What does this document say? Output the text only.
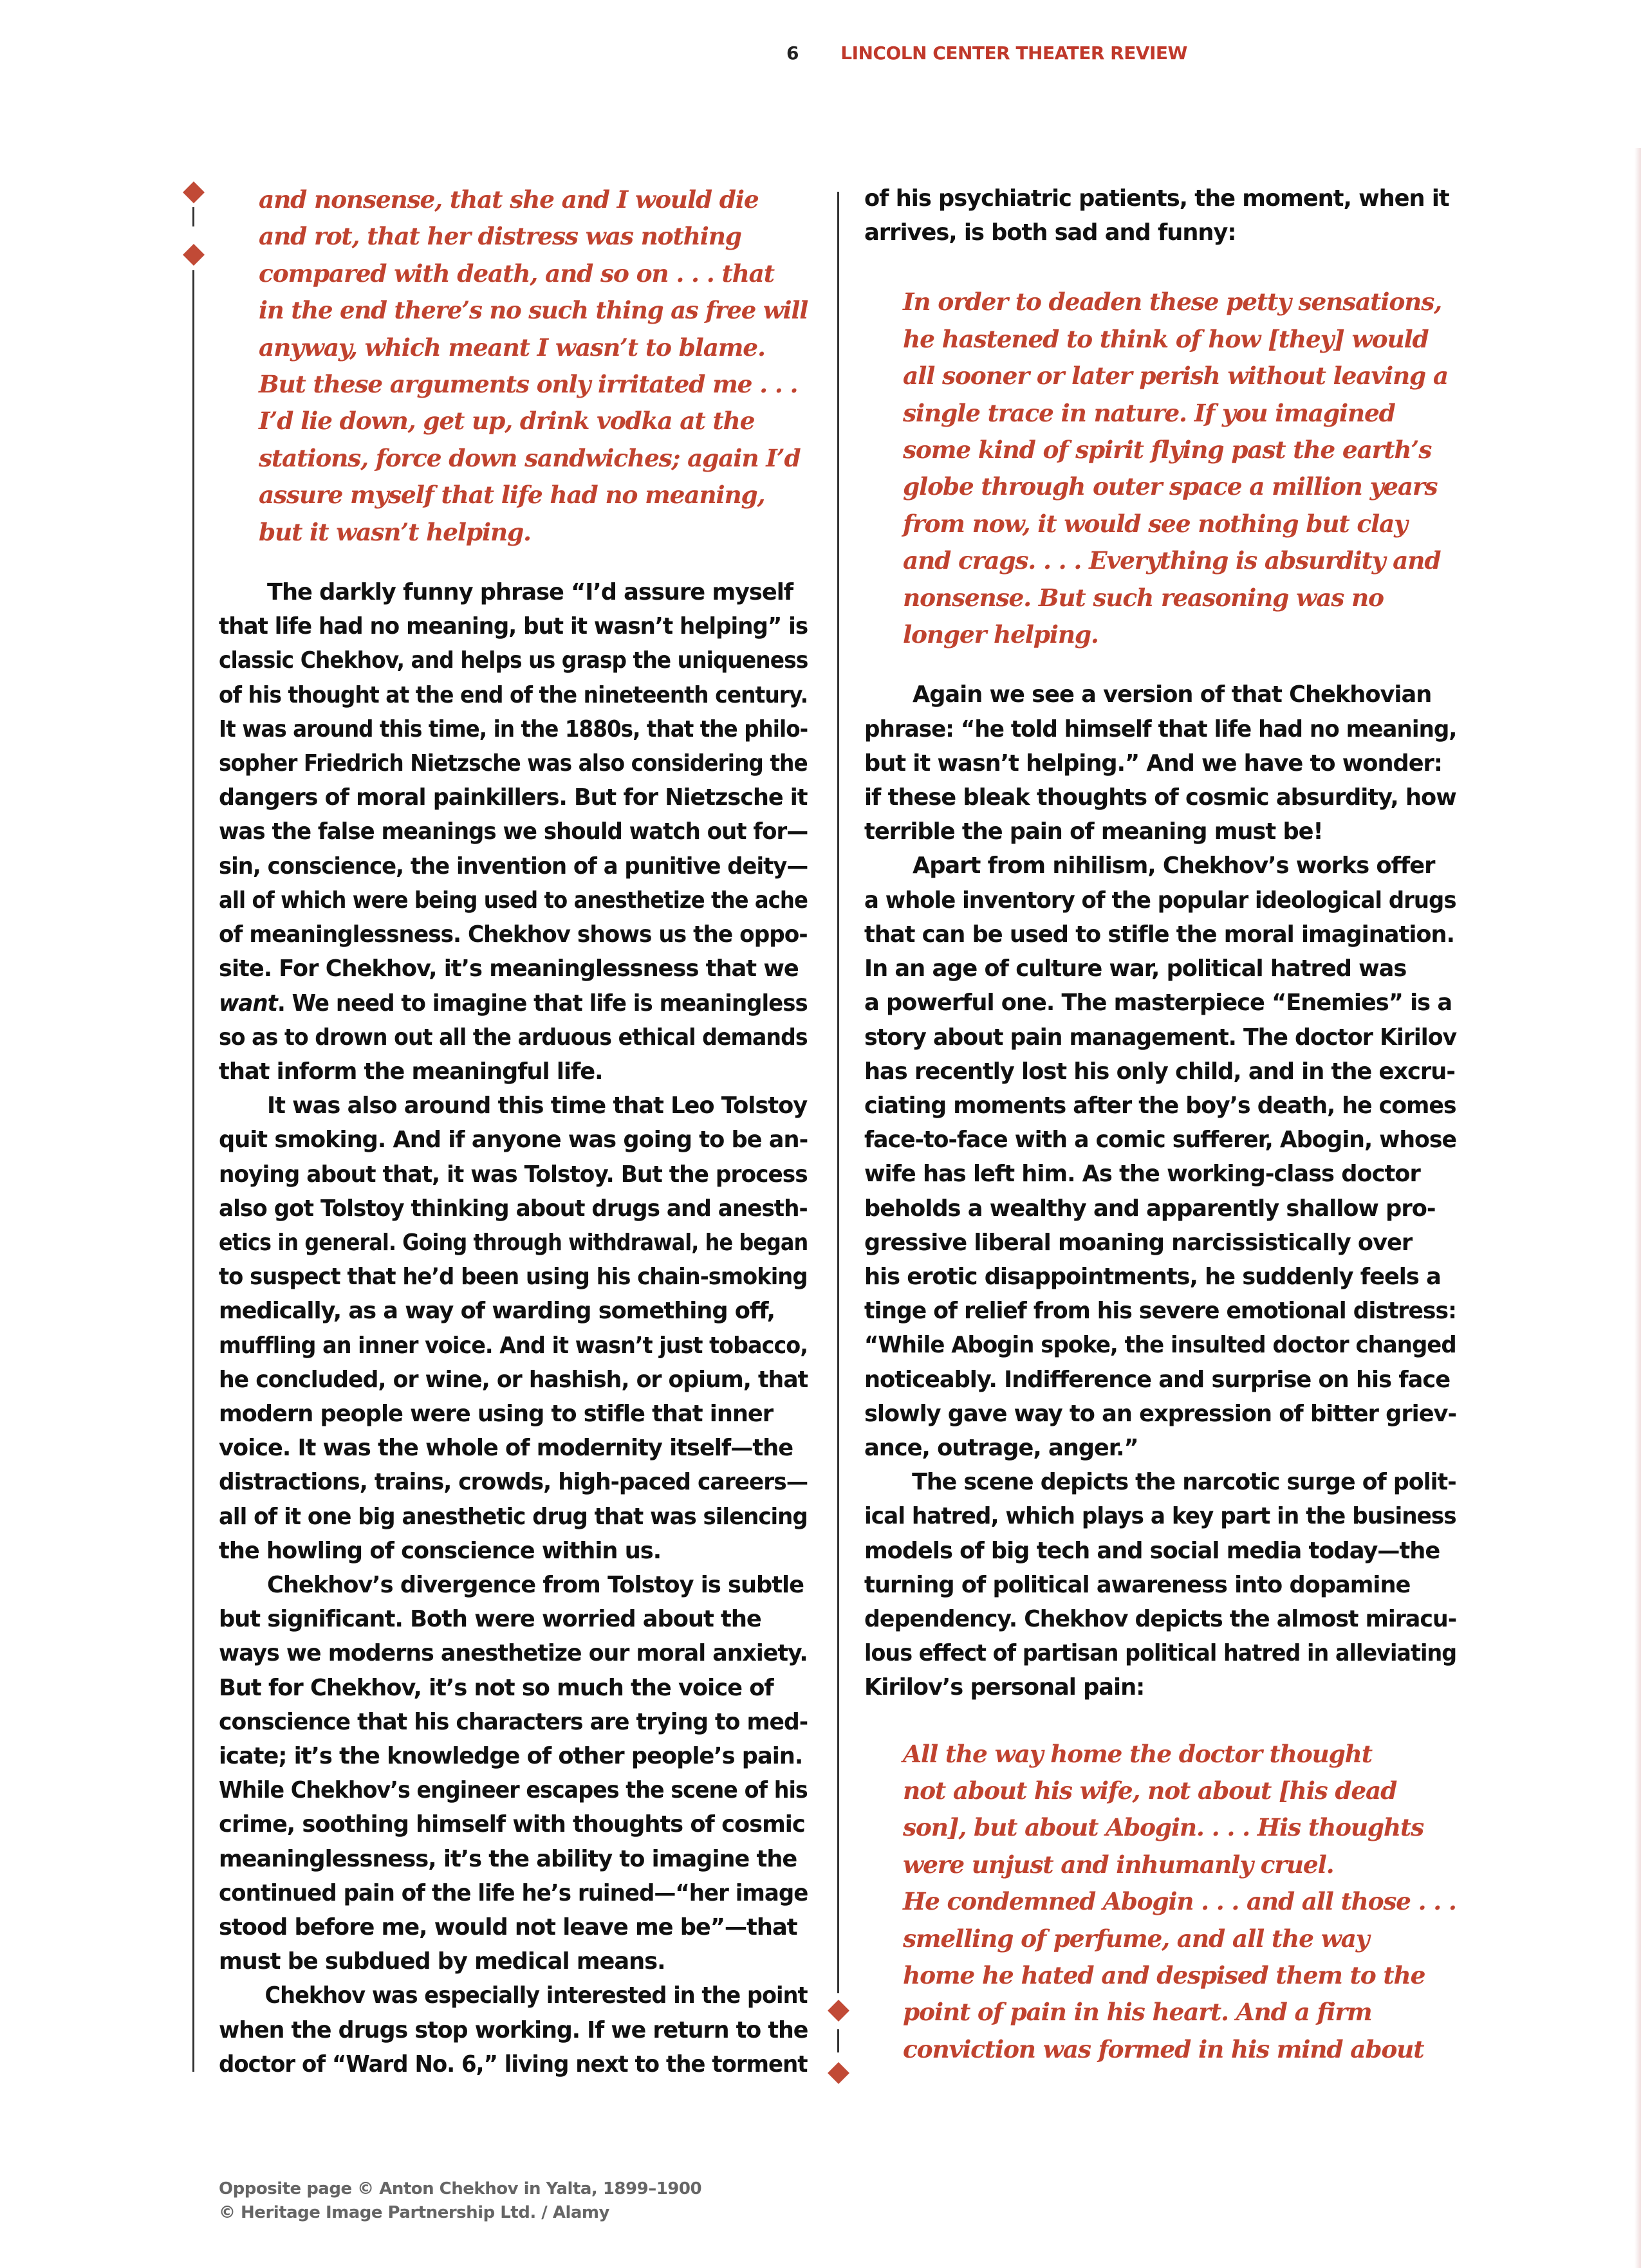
6 LINCOLN CENTER THEATER REVIEW
and nonsense, that she and I would die
and rot, that her distress was nothing
compared with death, and so on . . . that
in the end there’s no such thing as free will
anyway, which meant I wasn’t to blame.
But these arguments only irritated me . . .
I’d lie down, get up, drink vodka at the
stations, force down sandwiches; again I’d
assure myself that life had no meaning,
but it wasn’t helping.
The darkly funny phrase “I’d assure myself
that life had no meaning, but it wasn’t helping” is
classic Chekhov, and helps us grasp the uniqueness
of his thought at the end of the nineteenth century.
It was around this time, in the 1880s, that the philo-
sopher Friedrich Nietzsche was also considering the
dangers of moral painkillers. But for Nietzsche it
was the false meanings we should watch out for—
sin, conscience, the invention of a punitive deity—
all of which were being used to anesthetize the ache
of meaninglessness. Chekhov shows us the oppo-
site. For Chekhov, it’s meaninglessness that we
want. We need to imagine that life is meaningless
so as to drown out all the arduous ethical demands
that inform the meaningful life.
It was also around this time that Leo Tolstoy
quit smoking. And if anyone was going to be an-
noying about that, it was Tolstoy. But the process
also got Tolstoy thinking about drugs and anesth-
etics in general. Going through withdrawal, he began
to suspect that he’d been using his chain-smoking
medically, as a way of warding something off,
muffling an inner voice. And it wasn’t just tobacco,
he concluded, or wine, or hashish, or opium, that
modern people were using to stifle that inner
voice. It was the whole of modernity itself—the
distractions, trains, crowds, high-paced careers—
all of it one big anesthetic drug that was silencing
the howling of conscience within us.
Chekhov’s divergence from Tolstoy is subtle
but significant. Both were worried about the
ways we moderns anesthetize our moral anxiety.
But for Chekhov, it’s not so much the voice of
conscience that his characters are trying to med-
icate; it’s the knowledge of other people’s pain.
While Chekhov’s engineer escapes the scene of his
crime, soothing himself with thoughts of cosmic
meaninglessness, it’s the ability to imagine the
continued pain of the life he’s ruined—“her image
stood before me, would not leave me be”—that
must be subdued by medical means.
Chekhov was especially interested in the point
when the drugs stop working. If we return to the
doctor of “Ward No. 6,” living next to the torment
of his psychiatric patients, the moment, when it
arrives, is both sad and funny:
In order to deaden these petty sensations,
he hastened to think of how [they] would
all sooner or later perish without leaving a
single trace in nature. If you imagined
some kind of spirit flying past the earth’s
globe through outer space a million years
from now, it would see nothing but clay
and crags. . . . Everything is absurdity and
nonsense. But such reasoning was no
longer helping.
Again we see a version of that Chekhovian
phrase: “he told himself that life had no meaning,
but it wasn’t helping.” And we have to wonder:
if these bleak thoughts of cosmic absurdity, how
terrible the pain of meaning must be!
Apart from nihilism, Chekhov’s works offer
a whole inventory of the popular ideological drugs
that can be used to stifle the moral imagination.
In an age of culture war, political hatred was
a powerful one. The masterpiece “Enemies” is a
story about pain management. The doctor Kirilov
has recently lost his only child, and in the excru-
ciating moments after the boy’s death, he comes
face-to-face with a comic sufferer, Abogin, whose
wife has left him. As the working-class doctor
beholds a wealthy and apparently shallow pro-
gressive liberal moaning narcissistically over
his erotic disappointments, he suddenly feels a
tinge of relief from his severe emotional distress:
“While Abogin spoke, the insulted doctor changed
noticeably. Indifference and surprise on his face
slowly gave way to an expression of bitter griev-
ance, outrage, anger.”
The scene depicts the narcotic surge of polit-
ical hatred, which plays a key part in the business
models of big tech and social media today—the
turning of political awareness into dopamine
dependency. Chekhov depicts the almost miracu-
lous effect of partisan political hatred in alleviating
Kirilov’s personal pain:
All the way home the doctor thought
not about his wife, not about [his dead
son], but about Abogin. . . . His thoughts
were unjust and inhumanly cruel.
He condemned Abogin . . . and all those . . .
smelling of perfume, and all the way
home he hated and despised them to the
point of pain in his heart. And a firm
conviction was formed in his mind about
Opposite page © Anton Chekhov in Yalta, 1899–1900
© Heritage Image Partnership Ltd. / Alamy
